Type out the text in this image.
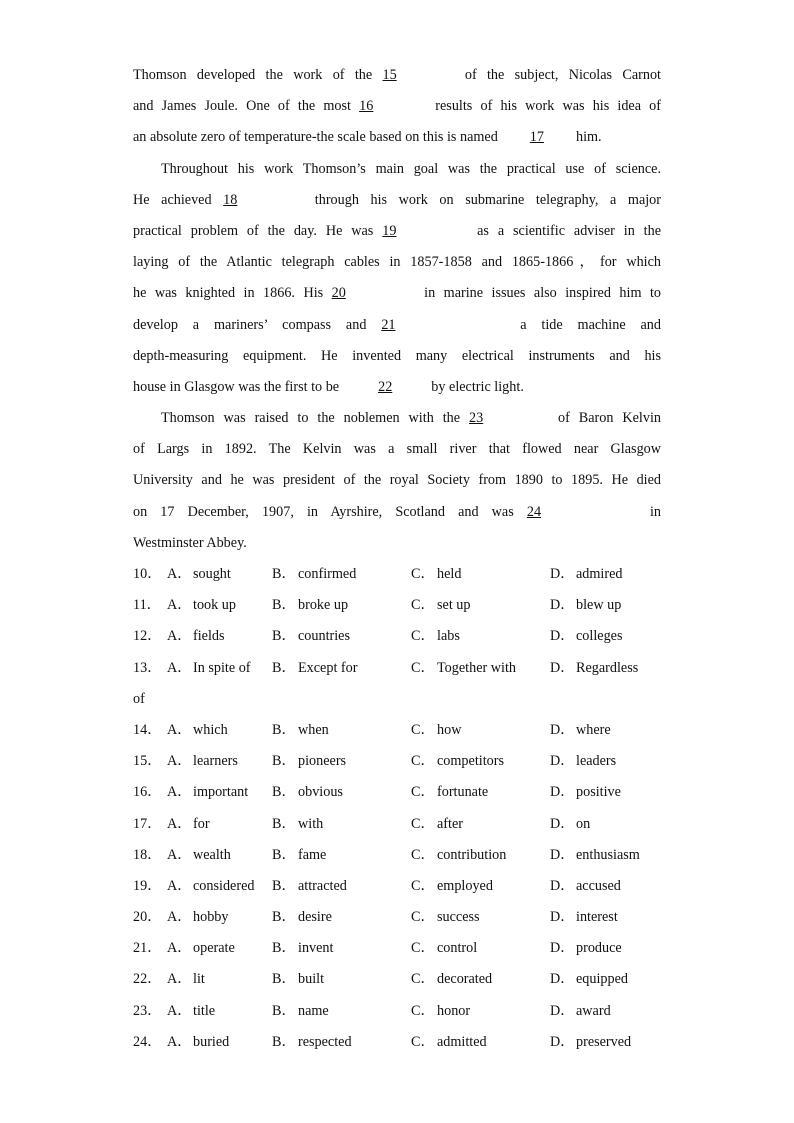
Thomson developed the work of the 15	of the subject, Nicolas Carnot
and James Joule. One of the most 16	results of his work was his idea of
an absolute zero of temperature-the scale based on this is named 17 him.
Throughout his work Thomson’s main goal was the practical use of science.
He achieved 18	through his work on submarine telegraphy, a major
practical problem of the day. He was 19	as a scientific adviser in the
laying of the Atlantic telegraph cables in 1857-1858 and 1865-1866，for which
he was knighted in 1866. His 20	in marine issues also inspired him to
develop a mariners’ compass and 21	a tide machine and
depth-measuring equipment. He invented many electrical instruments and his
house in Glasgow was the first to be	22	by electric light.
Thomson was raised to the noblemen with the 23	of Baron Kelvin
of Largs in 1892. The Kelvin was a small river that flowed near Glasgow
University and he was president of the royal Society from 1890 to 1895. He died
on 17 December, 1907, in Ayrshire, Scotland and was 24	in
Westminster Abbey.
10． A． sought	B． confirmed	C． held	D． admired
11． A． took up	B． broke up	C． set up	D． blew up
12． A． fields	B． countries	C． labs	D． colleges
13． A． In spite of B． Except for	C． Together with D． Regardless
of
14． A． which	B． when	C． how	D． where
15． A． learners B． pioneers	C． competitors	D． leaders
16． A． important B． obvious	C． fortunate	D． positive
17． A． for	B． with	C． after	D． on
18． A． wealth	B． fame	C． contribution	D． enthusiasm
19． A． considered B． attracted	C． employed	D． accused
20． A． hobby	B． desire	C． success	D． interest
21． A． operate	B． invent	C． control	D． produce
22． A． lit	B． built	C． decorated	D． equipped
23． A． title	B． name	C． honor	D． award
24． A． buried	B． respected	C． admitted	D． preserved
